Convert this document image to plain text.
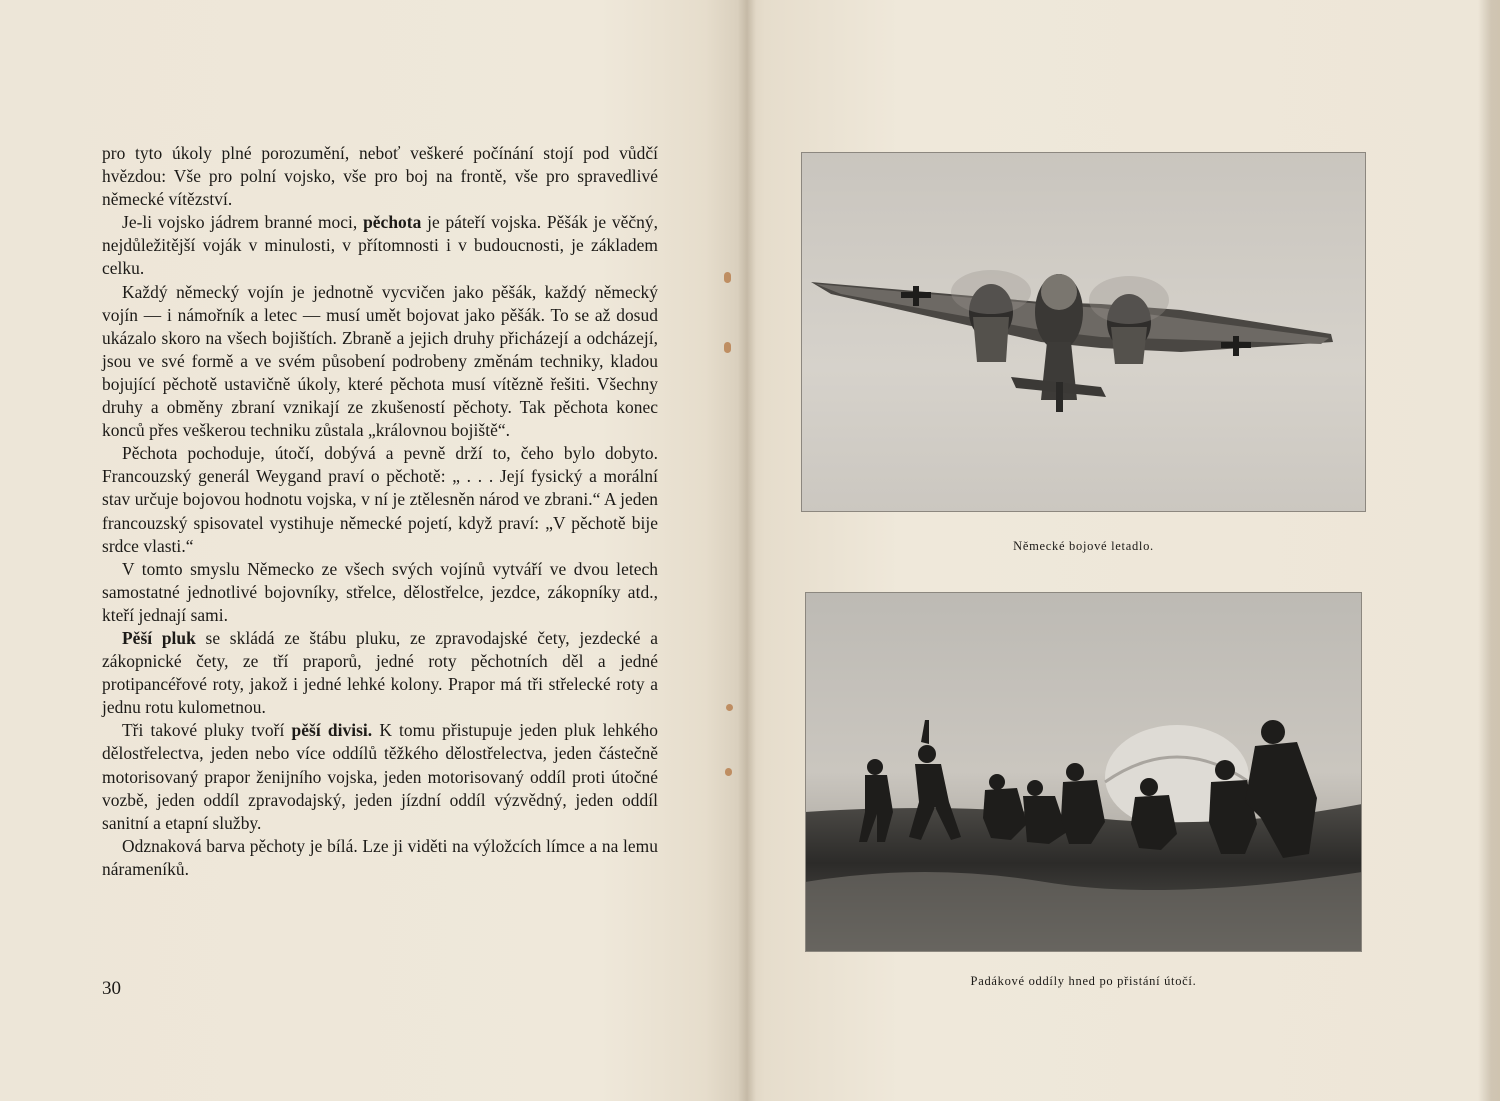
pro tyto úkoly plné porozumění, neboť veškeré počínání stojí pod vůdčí hvězdou: Vše pro polní vojsko, vše pro boj na frontě, vše pro spravedlivé německé vítězství.

Je-li vojsko jádrem branné moci, pěchota je páteří vojska. Pěšák je věčný, nejdůležitější voják v minulosti, v přítomnosti i v budoucnosti, je základem celku.

Každý německý vojín je jednotně vycvičen jako pěšák, každý německý vojín — i námořník a letec — musí umět bojovat jako pěšák. To se až dosud ukázalo skoro na všech bojištích. Zbraně a jejich druhy přicházejí a odcházejí, jsou ve své formě a ve svém působení podrobeny změnám techniky, kladou bojující pěchotě ustavičně úkoly, které pěchota musí vítězně řešiti. Všechny druhy a obměny zbraní vznikají ze zkušeností pěchoty. Tak pěchota konec konců přes veškerou techniku zůstala „královnou bojiště“.

Pěchota pochoduje, útočí, dobývá a pevně drží to, čeho bylo dobyto. Francouzský generál Weygand praví o pěchotě: „ . . . Její fysický a morální stav určuje bojovou hodnotu vojska, v ní je ztělesněn národ ve zbrani.“ A jeden francouzský spisovatel vystihuje německé pojetí, když praví: „V pěchotě bije srdce vlasti.“

V tomto smyslu Německo ze všech svých vojínů vytváří ve dvou letech samostatné jednotlivé bojovníky, střelce, dělostřelce, jezdce, zákopníky atd., kteří jednají sami.

Pěší pluk se skládá ze štábu pluku, ze zpravodajské čety, jezdecké a zákopnické čety, ze tří praporů, jedné roty pěchotních děl a jedné protipancéřové roty, jakož i jedné lehké kolony. Prapor má tři střelecké roty a jednu rotu kulometnou.

Tři takové pluky tvoří pěší divisi. K tomu přistupuje jeden pluk lehkého dělostřelectva, jeden nebo více oddílů těžkého dělostřelectva, jeden částečně motorisovaný prapor ženijního vojska, jeden motorisovaný oddíl proti útočné vozbě, jeden oddíl zpravodajský, jeden jízdní oddíl výzvědný, jeden oddíl sanitní a etapní služby.

Odznaková barva pěchoty je bílá. Lze ji viděti na výložcích límce a na lemu nárameníků.

30
Německé bojové letadlo.
Padákové oddíly hned po přistání útočí.
